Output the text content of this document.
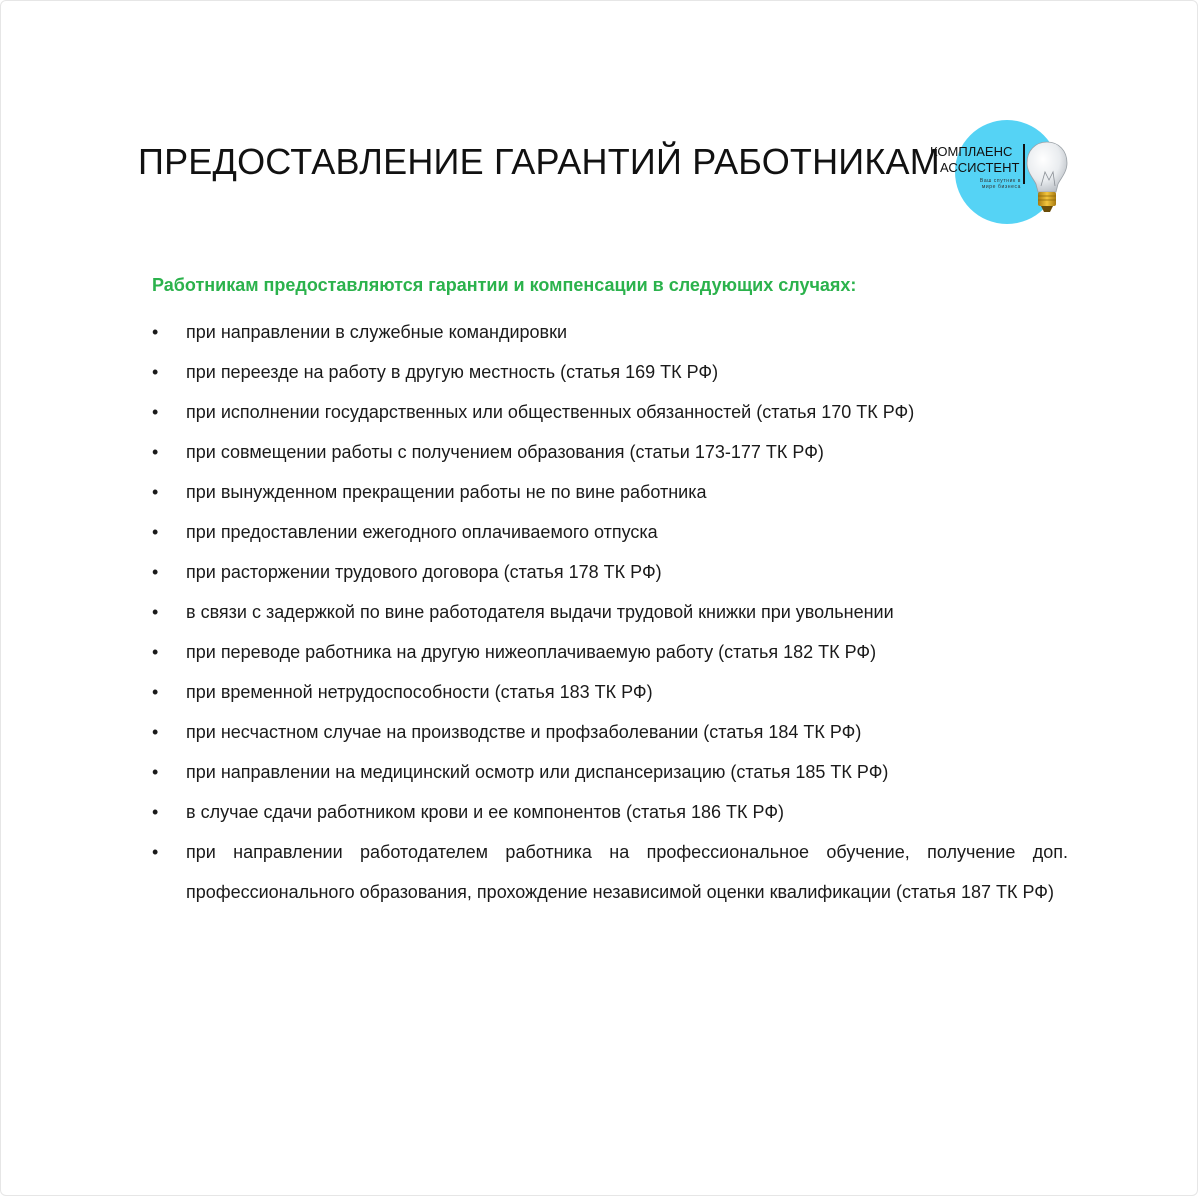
ПРЕДОСТАВЛЕНИЕ ГАРАНТИЙ РАБОТНИКАМ
КОМПЛАЕНС
АССИСТЕНТ
Ваш спутник в мире бизнеса
Работникам предоставляются гарантии и компенсации в следующих случаях:
• при направлении в служебные командировки
• при переезде на работу в другую местность (статья 169 ТК РФ)
• при исполнении государственных или общественных обязанностей (статья 170 ТК РФ)
• при совмещении работы с получением образования (статьи 173-177 ТК РФ)
• при вынужденном прекращении работы не по вине работника
• при предоставлении ежегодного оплачиваемого отпуска
• при расторжении трудового договора (статья 178 ТК РФ)
• в связи с задержкой по вине работодателя выдачи трудовой книжки при увольнении
• при переводе работника на другую нижеоплачиваемую работу (статья 182 ТК РФ)
• при временной нетрудоспособности (статья 183 ТК РФ)
• при несчастном случае на производстве и профзаболевании (статья 184 ТК РФ)
• при направлении на медицинский осмотр или диспансеризацию (статья 185 ТК РФ)
• в случае сдачи работником крови и ее компонентов (статья 186 ТК РФ)
• при направлении работодателем работника на профессиональное обучение, получение доп. профессионального образования, прохождение независимой оценки квалификации (статья 187 ТК РФ)
